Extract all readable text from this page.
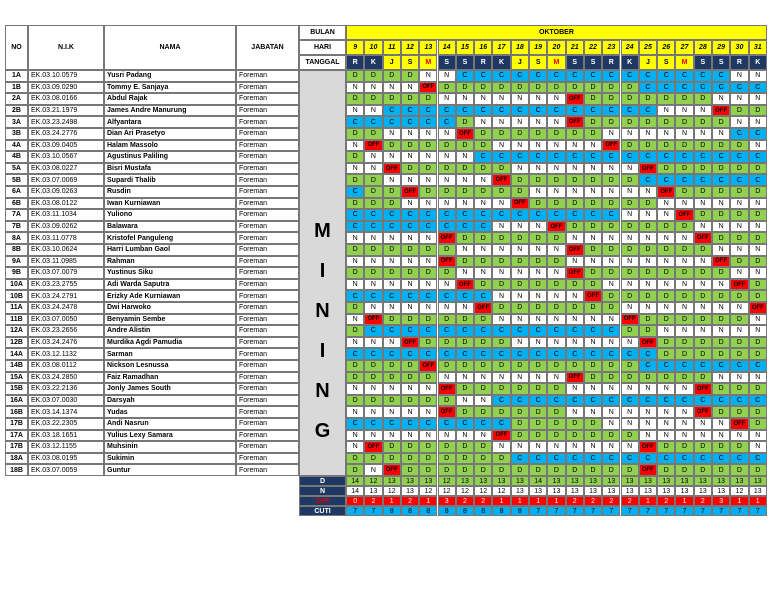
NO	N.I.K	NAMA	JABATAN
BULAN
HARI
TANGGAL
OKTOBER
9	10	11	12	13	14	15	16	17	18	19	20	21	22	23	24	25	26	27	28	29	30	31
R	K	J	S	M	S	S	R	K	J	S	M	S	S	R	K	J	S	M	S	S	R	K
M
I
N
I
N
G
1A	EK.03.10.0579	Yusri Padang	Foreman	D	D	D	D	N	N	C	C	C	C	C	C	C	C	C	C	C	C	C	C	C	N	N
1B	EK.03.09.0290	Tommy E. Sanjaya	Foreman	N	N	N	N	OFF	D	D	D	D	D	D	D	D	D	D	D	C	C	C	C	C	C	C
2A	EK.03.08.0166	Abdul Rajak	Foreman	D	D	D	D	D	N	N	N	N	N	N	N	OFF	D	D	D	D	D	D	D	N	N	N
2B	EK.03.21.1979	James Andre Manurung	Foreman	N	N	C	C	C	C	C	C	C	C	C	C	C	C	C	C	C	N	N	N	OFF	D	D
3A	EK.03.23.2498	Alfyantara	Foreman	C	C	C	C	C	C	D	N	N	N	N	N	OFF	D	D	D	D	D	D	D	D	N	N
3B	EK.03.24.2776	Dian Ari Prasetyo	Foreman	D	D	N	N	N	N	OFF	D	D	D	D	D	D	D	N	N	N	N	N	N	N	C	C
4A	EK.03.09.0405	Halam Massolo	Foreman	N	OFF	D	D	D	D	D	D	N	N	N	N	N	N	OFF	D	D	D	D	D	D	D	N
4B	EK.03.10.0567	Agustinus Paliling	Foreman	D	N	N	N	N	N	N	C	C	C	C	C	C	C	C	C	C	C	C	C	C	C	C
5A	EK.03.08.0227	Bisri Mustafa	Foreman	N	N	OFF	D	D	D	D	D	D	N	N	N	N	N	N	N	OFF	D	D	D	D	D	D
5B	EK.03.07.0069	Supardi Thalib	Foreman	D	D	N	N	N	N	N	N	OFF	D	D	D	D	D	D	D	C	C	C	C	C	C	C
6A	EK.03.09.0263	Rusdin	Foreman	C	D	D	OFF	D	D	D	D	D	D	N	N	N	N	N	N	N	OFF	D	D	D	D	D
6B	EK.03.08.0122	Iwan Kurniawan	Foreman	D	D	D	N	N	N	N	N	N	OFF	D	D	D	D	D	D	D	N	N	N	N	N	N
7A	EK.03.11.1034	Yuliono	Foreman	C	C	C	C	C	C	C	C	C	C	C	C	C	C	C	N	N	N	OFF	D	D	D	D
7B	EK.03.09.0262	Balawara	Foreman	C	C	C	C	C	C	C	C	N	N	N	OFF	D	D	D	D	D	D	D	N	N	N	N
8A	EK.03.11.0778	Kristofel Panguleng	Foreman	N	N	N	N	N	OFF	D	D	D	D	D	D	N	N	N	N	N	N	N	OFF	D	D	D
8B	EK.03.10.0624	Harri Lumban Gaol	Foreman	D	D	D	D	D	D	N	N	N	N	N	N	OFF	D	D	D	D	D	D	D	N	N	N
9A	EK.03.11.0985	Rahman	Foreman	N	N	N	N	N	OFF	D	D	D	D	D	D	N	N	N	N	N	N	N	N	OFF	D	D
9B	EK.03.07.0079	Yustinus Siku	Foreman	D	D	D	D	D	D	N	N	N	N	N	N	OFF	D	D	D	D	D	D	D	D	N	N
10A	EK.03.23.2755	Adi Warda Saputra	Foreman	N	N	N	N	N	N	OFF	D	D	D	D	D	D	D	N	N	N	N	N	N	N	OFF	D
10B	EK.03.24.2791	Erizky Ade Kurniawan	Foreman	C	C	C	C	C	C	C	C	N	N	N	N	N	OFF	D	D	D	D	D	D	D	D	D
11A	EK.03.24.2478	Dwi Harwoko	Foreman	D	N	N	N	N	N	N	OFF	D	D	D	D	D	D	D	N	N	N	N	N	N	N	OFF
11B	EK.03.07.0050	Benyamin Sembe	Foreman	N	OFF	D	D	D	D	D	D	N	N	N	N	N	N	N	OFF	D	D	D	D	D	D	N
12A	EK.03.23.2656	Andre Alistin	Foreman	D	C	C	C	C	C	C	C	C	C	C	C	C	C	C	D	D	N	N	N	N	N	N
12B	EK.03.24.2476	Murdika Agdi Pamudia	Foreman	N	N	N	OFF	D	D	D	D	D	N	N	N	N	N	N	N	OFF	D	D	D	D	D	D
14A	EK.03.12.1132	Sarman	Foreman	C	C	C	C	C	C	C	C	C	C	C	C	C	C	C	C	C	D	D	D	D	D	D
14B	EK.03.08.0112	Nickson Lesnussa	Foreman	D	D	D	D	OFF	D	D	D	D	D	D	D	D	D	D	D	C	C	C	C	C	C	C
15A	EK.03.24.2850	Faiz Ramadhan	Foreman	D	D	D	D	D	N	N	N	N	N	N	N	OFF	D	D	D	D	D	D	D	N	N	N
15B	EK.03.22.2136	Jonly James South	Foreman	N	N	N	N	N	OFF	D	D	D	D	D	D	N	N	N	N	N	N	N	OFF	D	D	D
16A	EK.03.07.0030	Darsyah	Foreman	D	D	D	D	D	D	N	N	C	C	C	C	C	C	C	C	C	C	C	C	C	C	C
16B	EK.03.14.1374	Yudas	Foreman	N	N	N	N	N	OFF	D	D	D	D	D	D	N	N	N	N	N	N	N	OFF	D	D	D
17B	EK.03.22.2305	Andi Nasrun	Foreman	C	C	C	C	C	C	C	C	C	D	D	D	D	D	N	N	N	N	N	N	N	OFF	D
17A	EK.03.18.1651	Yulius Lexy Samara	Foreman	N	N	N	N	N	N	N	N	OFF	D	D	D	D	D	D	D	N	N	N	N	N	N	N
17B	EK.03.12.1155	Muhsinin	Foreman	N	OFF	D	D	D	D	D	D	N	N	N	N	N	N	N	N	OFF	D	D	D	D	D	N
18A	EK.03.08.0195	Sukimin	Foreman	D	D	D	D	D	D	D	D	D	C	C	C	C	C	C	C	C	C	C	C	C	C	C
18B	EK.03.07.0059	Guntur	Foreman	D	N	OFF	D	D	D	D	D	D	D	D	D	D	D	D	D	OFF	D	D	D	D	D	D
D	14	12	13	13	13	12	13	13	13	13	14	13	13	13	13	13	13	13	13	13	13	13	13
N	14	13	12	13	12	12	12	12	12	13	13	13	13	13	13	13	13	13	13	13	13	12	13
OFF	0	2	1	2	1	3	2	2	1	1	1	1	2	2	2	2	1	2	1	2	3	1	1
CUTI	7	7	8	8	8	8	8	8	8	8	7	7	7	7	7	7	7	7	7	7	7	7	7
